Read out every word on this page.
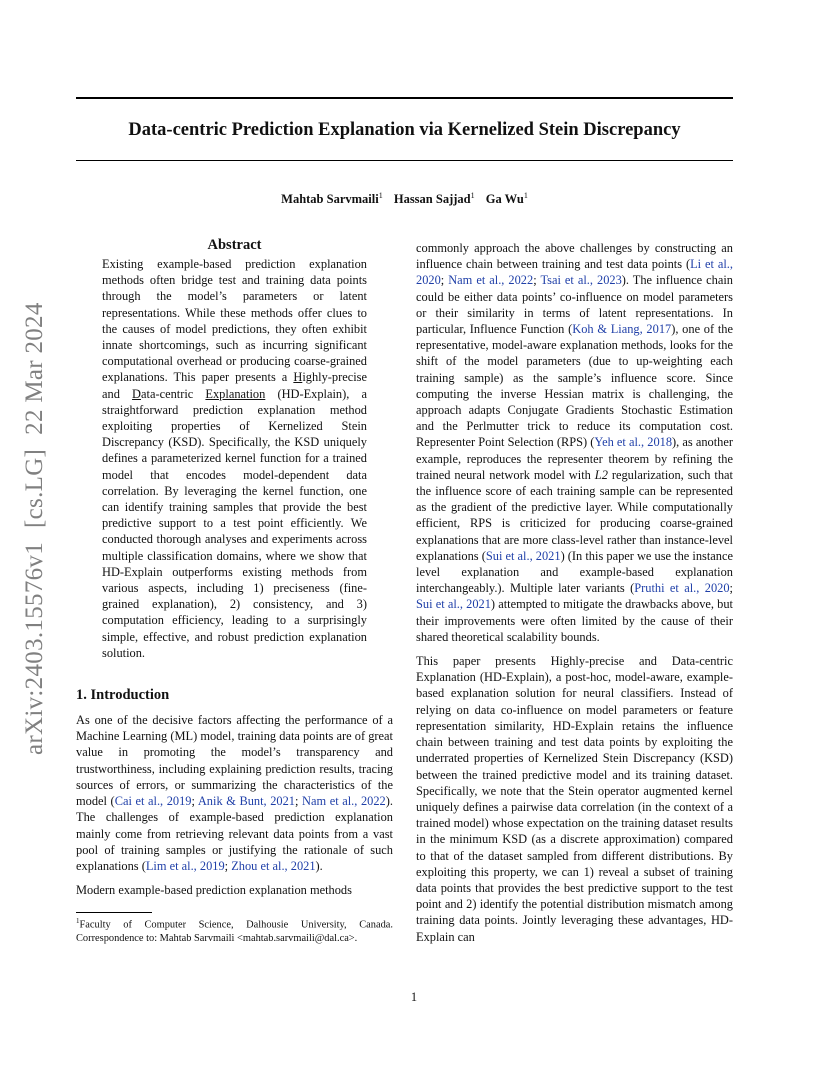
arXiv:2403.15576v1[cs.LG]22 Mar 2024
Data-centric Prediction Explanation via Kernelized Stein Discrepancy
Mahtab Sarvmaili$^1$ Hassan Sajjad$^1$ Ga Wu$^1$
Abstract
Existing example-based prediction explanation methods often bridge test and training data points through the model’s parameters or latent representations. While these methods offer clues to the causes of model predictions, they often exhibit innate shortcomings, such as incurring significant computational overhead or producing coarse-grained explanations. This paper presents a Highly-precise and Data-centric Explanation (HD-Explain), a straightforward prediction explanation method exploiting properties of Kernelized Stein Discrepancy (KSD). Specifically, the KSD uniquely defines a parameterized kernel function for a trained model that encodes model-dependent data correlation. By leveraging the kernel function, one can identify training samples that provide the best predictive support to a test point efficiently. We conducted thorough analyses and experiments across multiple classification domains, where we show that HD-Explain outperforms existing methods from various aspects, including 1) preciseness (fine-grained explanation), 2) consistency, and 3) computation efficiency, leading to a surprisingly simple, effective, and robust prediction explanation solution.
1. Introduction

As one of the decisive factors affecting the performance of a Machine Learning (ML) model, training data points are of great value in promoting the model’s transparency and trustworthiness, including explaining prediction results, tracing sources of errors, or summarizing the characteristics of the model (Cai et al., 2019; Anik & Bunt, 2021; Nam et al., 2022). The challenges of example-based prediction explanation mainly come from retrieving relevant data points from a vast pool of training samples or justifying the rationale of such explanations (Lim et al., 2019; Zhou et al., 2021).

Modern example-based prediction explanation methods

$^1$Faculty of Computer Science, Dalhousie University, Canada. Correspondence to: Mahtab Sarvmaili <mahtab.sarvmaili@dal.ca>.

commonly approach the above challenges by constructing an influence chain between training and test data points (Li et al., 2020; Nam et al., 2022; Tsai et al., 2023). The influence chain could be either data points’ co-influence on model parameters or their similarity in terms of latent representations. In particular, Influence Function (Koh & Liang, 2017), one of the representative, model-aware explanation methods, looks for the shift of the model parameters (due to up-weighting each training sample) as the sample’s influence score. Since computing the inverse Hessian matrix is challenging, the approach adapts Conjugate Gradients Stochastic Estimation and the Perlmutter trick to reduce its computation cost. Representer Point Selection (RPS) (Yeh et al., 2018), as another example, reproduces the representer theorem by refining the trained neural network model with L2 regularization, such that the influence score of each training sample can be represented as the gradient of the predictive layer. While computationally efficient, RPS is criticized for producing coarse-grained explanations that are more class-level rather than instance-level explanations (Sui et al., 2021) (In this paper we use the instance level explanation and example-based explanation interchangeably.). Multiple later variants (Pruthi et al., 2020; Sui et al., 2021) attempted to mitigate the drawbacks above, but their improvements were often limited by the cause of their shared theoretical scalability bounds.

This paper presents Highly-precise and Data-centric Explanation (HD-Explain), a post-hoc, model-aware, example-based explanation solution for neural classifiers. Instead of relying on data co-influence on model parameters or feature representation similarity, HD-Explain retains the influence chain between training and test data points by exploiting the underrated properties of Kernelized Stein Discrepancy (KSD) between the trained predictive model and its training dataset. Specifically, we note that the Stein operator augmented kernel uniquely defines a pairwise data correlation (in the context of a trained model) whose expectation on the training dataset results in the minimum KSD (as a discrete approximation) compared to that of the dataset sampled from different distributions. By exploiting this property, we can 1) reveal a subset of training data points that provides the best predictive support to the test point and 2) identify the potential distribution mismatch among training data points. Jointly leveraging these advantages, HD-Explain can

1
